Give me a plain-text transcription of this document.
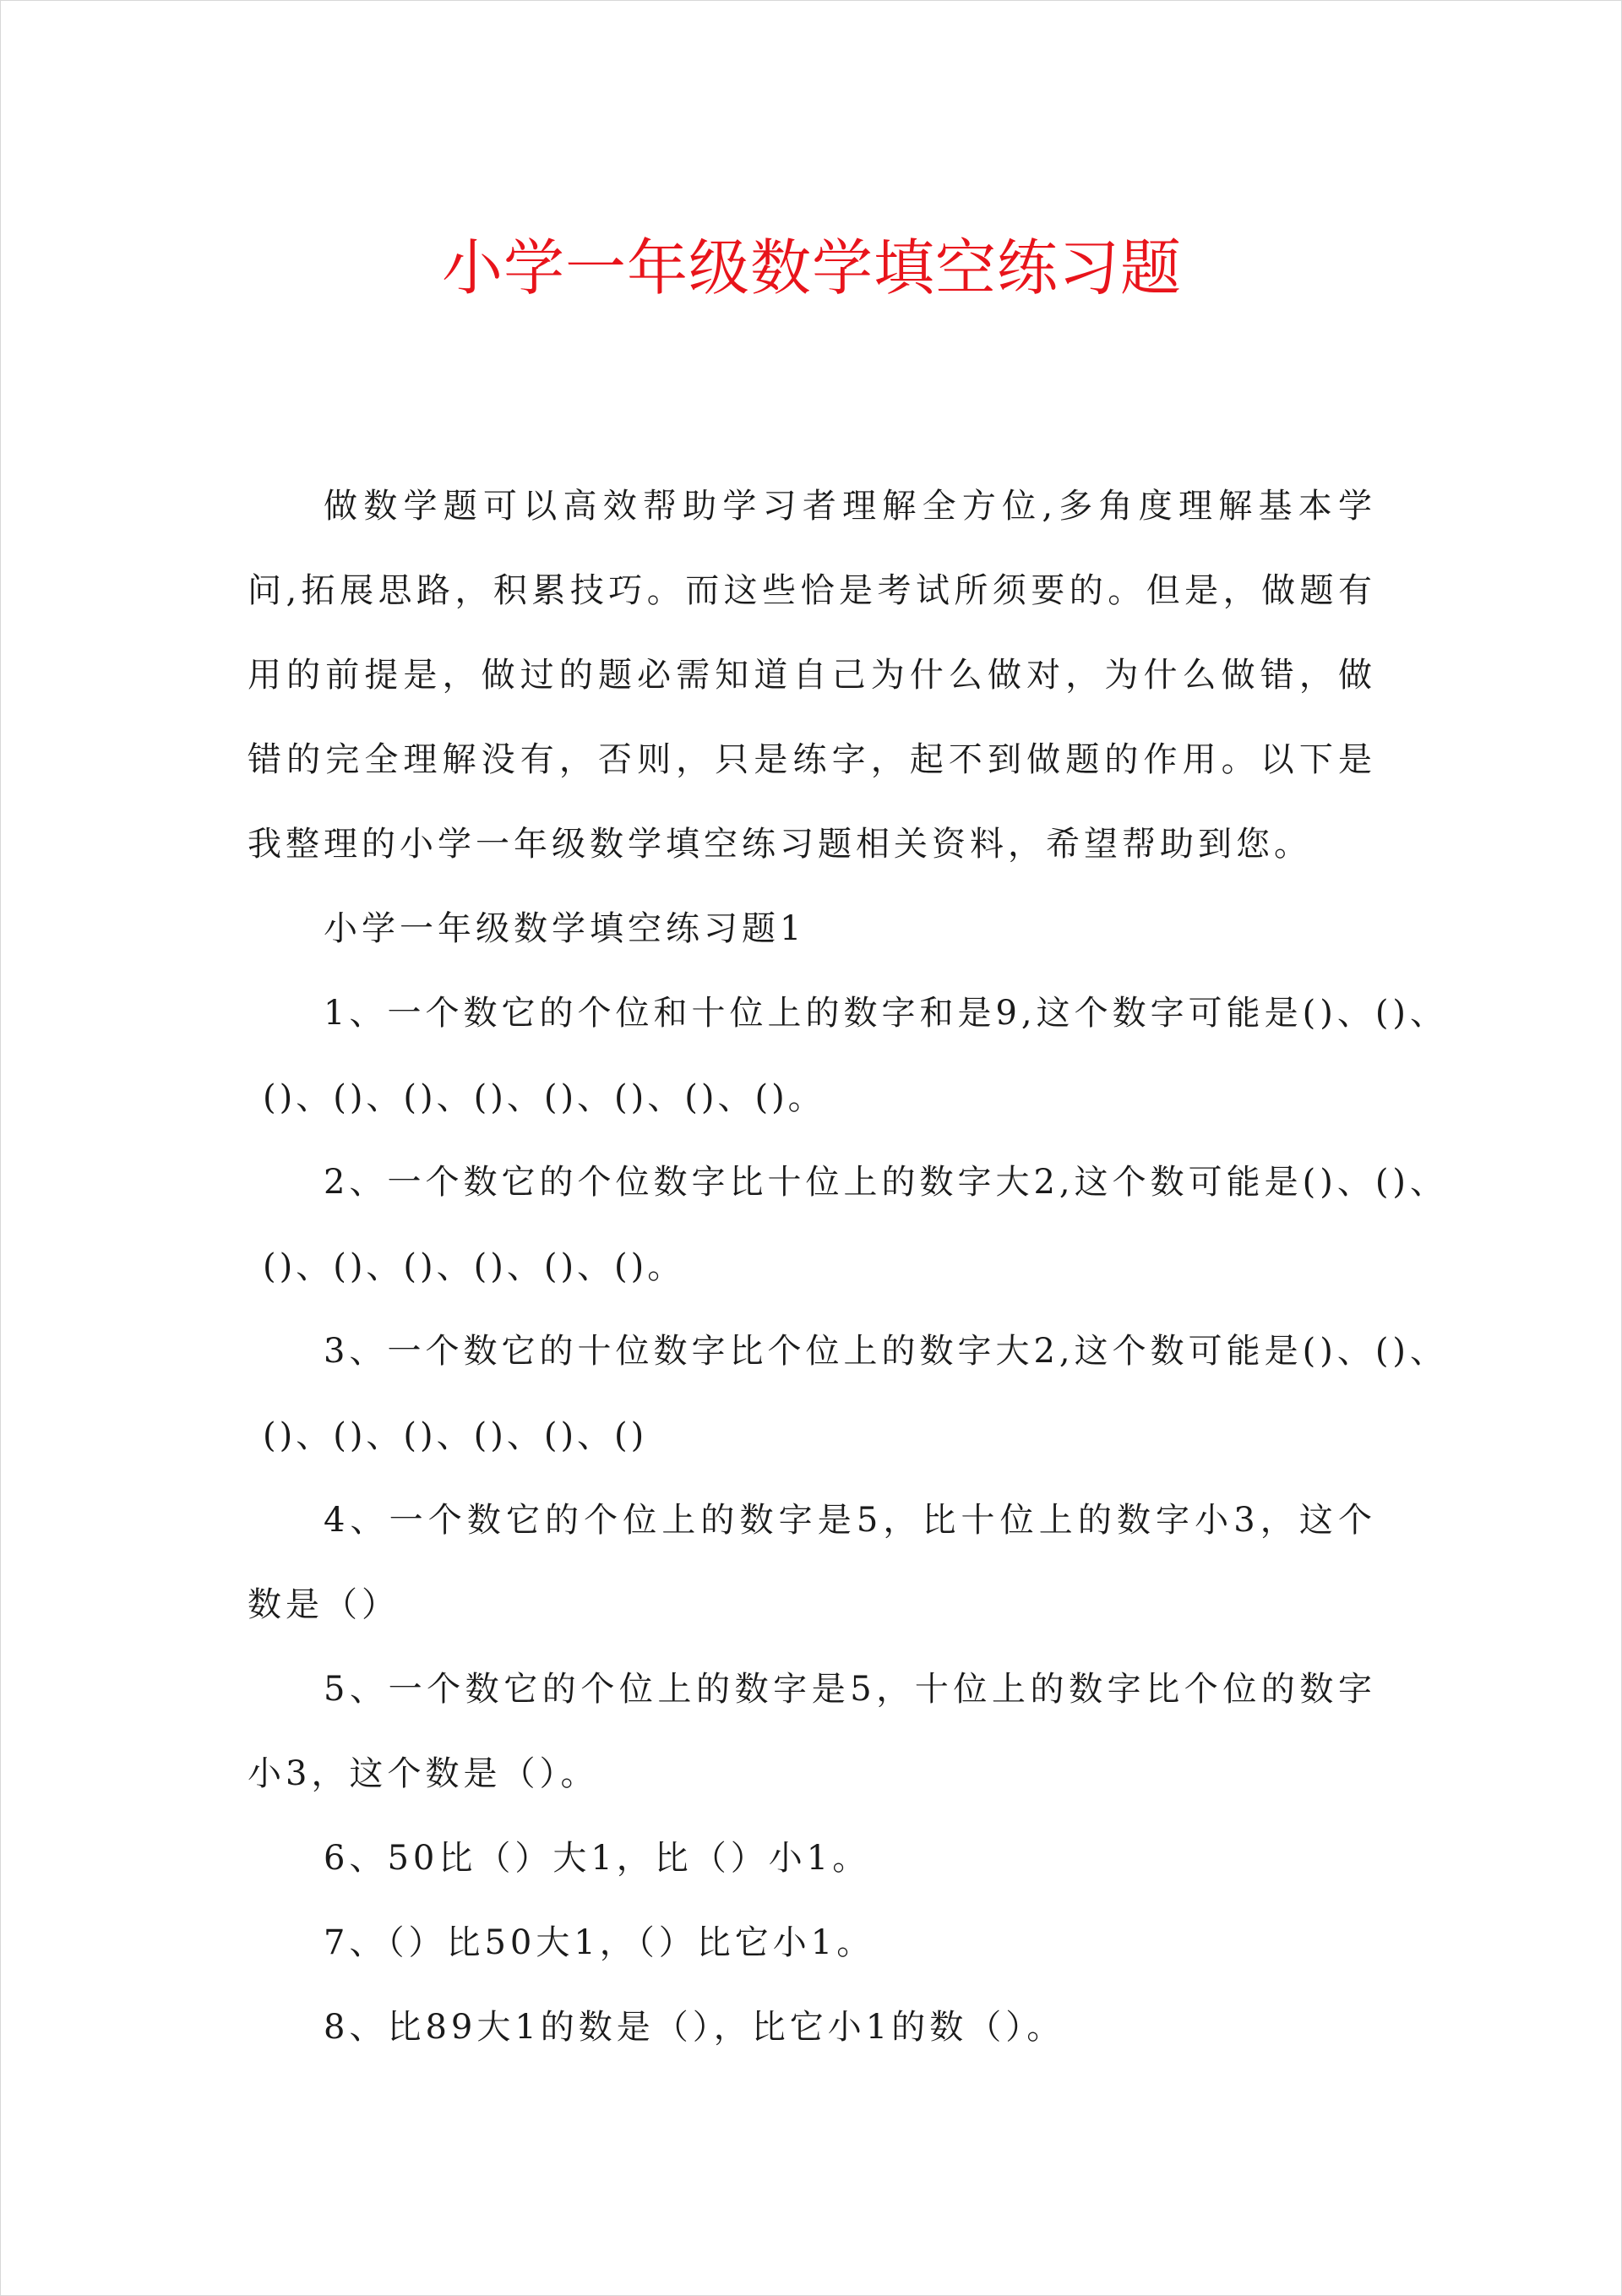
小学一年级数学填空练习题

做数学题可以高效帮助学习者理解全方位,多角度理解基本学问,拓展思路，积累技巧。而这些恰是考试所须要的。但是，做题有用的前提是，做过的题必需知道自己为什么做对，为什么做错，做错的完全理解没有，否则，只是练字，起不到做题的作用。以下是我整理的小学一年级数学填空练习题相关资料，希望帮助到您。

小学一年级数学填空练习题1

1、一个数它的个位和十位上的数字和是9,这个数字可能是()、()、
()、()、()、()、()、()、()、()。

2、一个数它的个位数字比十位上的数字大2,这个数可能是()、()、
()、()、()、()、()、()。

3、一个数它的十位数字比个位上的数字大2,这个数可能是()、()、
()、()、()、()、()、()

4、一个数它的个位上的数字是5，比十位上的数字小3，这个数是（）

5、一个数它的个位上的数字是5，十位上的数字比个位的数字小3，这个数是（）。

6、50比（）大1，比（）小1。

7、（）比50大1，（）比它小1。

8、比89大1的数是（），比它小1的数（）。
